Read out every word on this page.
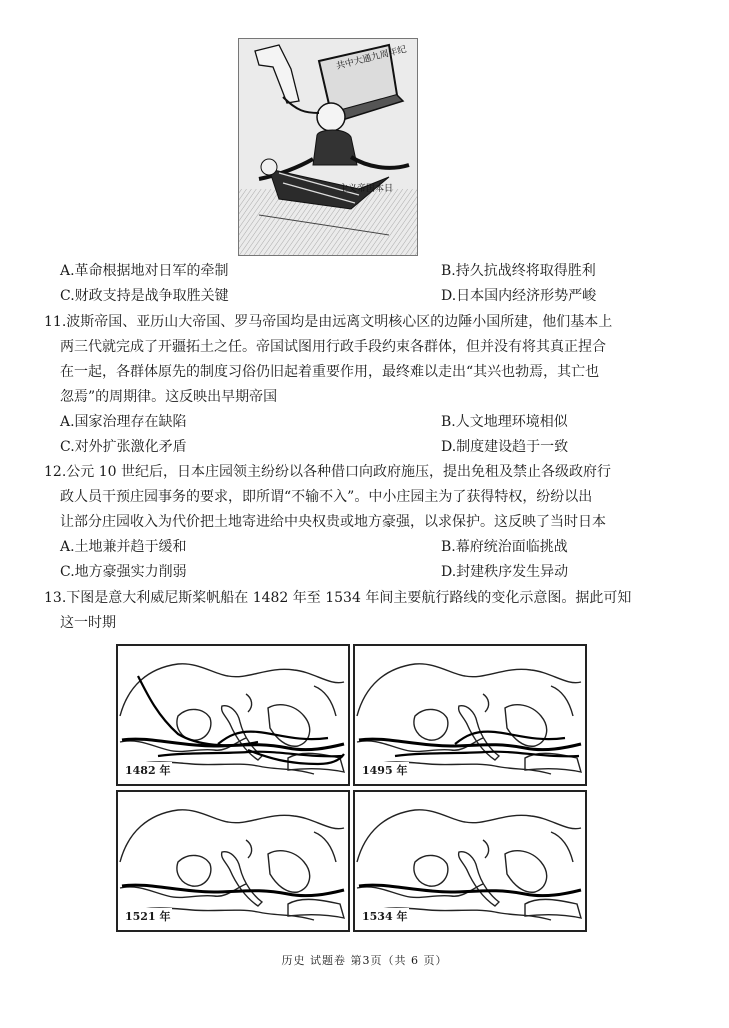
共中大通九周年纪
主义帝国本日
A.革命根据地对日军的牵制	B.持久抗战终将取得胜利
C.财政支持是战争取胜关键	D.日本国内经济形势严峻
11.波斯帝国、亚历山大帝国、罗马帝国均是由远离文明核心区的边陲小国所建，他们基本上
两三代就完成了开疆拓土之任。帝国试图用行政手段约束各群体，但并没有将其真正捏合
在一起，各群体原先的制度习俗仍旧起着重要作用，最终难以走出“其兴也勃焉，其亡也
忽焉”的周期律。这反映出早期帝国
A.国家治理存在缺陷	B.人文地理环境相似
C.对外扩张激化矛盾	D.制度建设趋于一致
12.公元 10 世纪后，日本庄园领主纷纷以各种借口向政府施压，提出免租及禁止各级政府行
政人员干预庄园事务的要求，即所谓“不输不入”。中小庄园主为了获得特权，纷纷以出
让部分庄园收入为代价把土地寄进给中央权贵或地方豪强，以求保护。这反映了当时日本
A.土地兼并趋于缓和	B.幕府统治面临挑战
C.地方豪强实力削弱	D.封建秩序发生异动
13.下图是意大利威尼斯桨帆船在 1482 年至 1534 年间主要航行路线的变化示意图。据此可知
这一时期
1482 年	1495 年
1521 年	1534 年
历史 试题卷 第3页（共 6 页）
